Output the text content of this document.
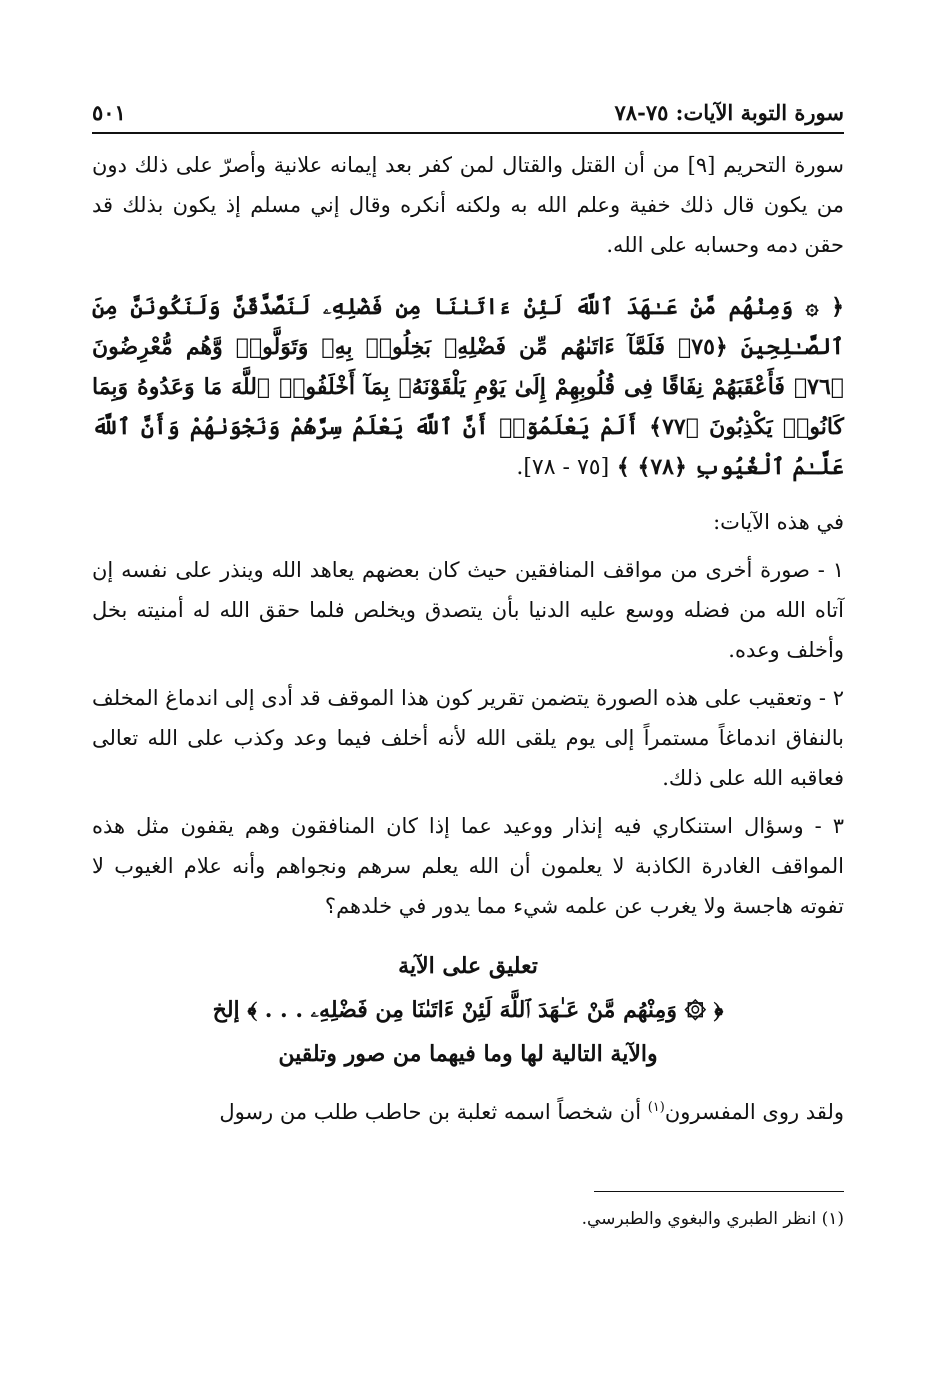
سورة التوبة الآيات: ٧٥-٧٨
٥٠١

سورة التحريم [٩] من أن القتل والقتال لمن كفر بعد إيمانه علانية وأصرّ على ذلك دون من يكون قال ذلك خفية وعلم الله به ولكنه أنكره وقال إني مسلم إذ يكون بذلك قد حقن دمه وحسابه على الله.

﴿ ۞ وَمِنْهُم مَّنْ عَـٰهَدَ ٱللَّهَ لَئِنْ ءَاتَىٰنَا مِن فَضْلِهِۦ لَنَصَّدَّقَنَّ وَلَنَكُونَنَّ مِنَ ٱلصَّـٰلِحِينَ ﴿٧٥﴾ فَلَمَّآ ءَاتَىٰهُم مِّن فَضْلِهِۦ بَخِلُوا۟ بِهِۦ وَتَوَلَّوا۟ وَّهُم مُّعْرِضُونَ ﴿٧٦﴾ فَأَعْقَبَهُمْ نِفَاقًا فِى قُلُوبِهِمْ إِلَىٰ يَوْمِ يَلْقَوْنَهُۥ بِمَآ أَخْلَفُوا۟ ٱللَّهَ مَا وَعَدُوهُ وَبِمَا كَانُوا۟ يَكْذِبُونَ ﴿٧٧﴾ أَلَمْ يَعْلَمُوٓا۟ أَنَّ ٱللَّهَ يَعْلَمُ سِرَّهُمْ وَنَجْوَىٰهُمْ وَأَنَّ ٱللَّهَ عَلَّـٰمُ ٱلْغُيُوبِ ﴿٧٨﴾ ﴾ [٧٥ - ٧٨].

في هذه الآيات:

١ - صورة أخرى من مواقف المنافقين حيث كان بعضهم يعاهد الله وينذر على نفسه إن آتاه الله من فضله ووسع عليه الدنيا بأن يتصدق ويخلص فلما حقق الله له أمنيته بخل وأخلف وعده.

٢ - وتعقيب على هذه الصورة يتضمن تقرير كون هذا الموقف قد أدى إلى اندماغ المخلف بالنفاق اندماغاً مستمراً إلى يوم يلقى الله لأنه أخلف فيما وعد وكذب على الله تعالى فعاقبه الله على ذلك.

٣ - وسؤال استنكاري فيه إنذار ووعيد عما إذا كان المنافقون وهم يقفون مثل هذه المواقف الغادرة الكاذبة لا يعلمون أن الله يعلم سرهم ونجواهم وأنه علام الغيوب لا تفوته هاجسة ولا يغرب عن علمه شيء مما يدور في خلدهم؟

تعليق على الآية
﴿ ۞ وَمِنْهُم مَّنْ عَـٰهَدَ ٱللَّهَ لَئِنْ ءَاتَىٰنَا مِن فَضْلِهِۦ . . . ﴾ إلخ
والآية التالية لها وما فيهما من صور وتلقين

ولقد روى المفسرون$^{(١)}$ أن شخصاً اسمه ثعلبة بن حاطب طلب من رسول

(١) انظر الطبري والبغوي والطبرسي.
